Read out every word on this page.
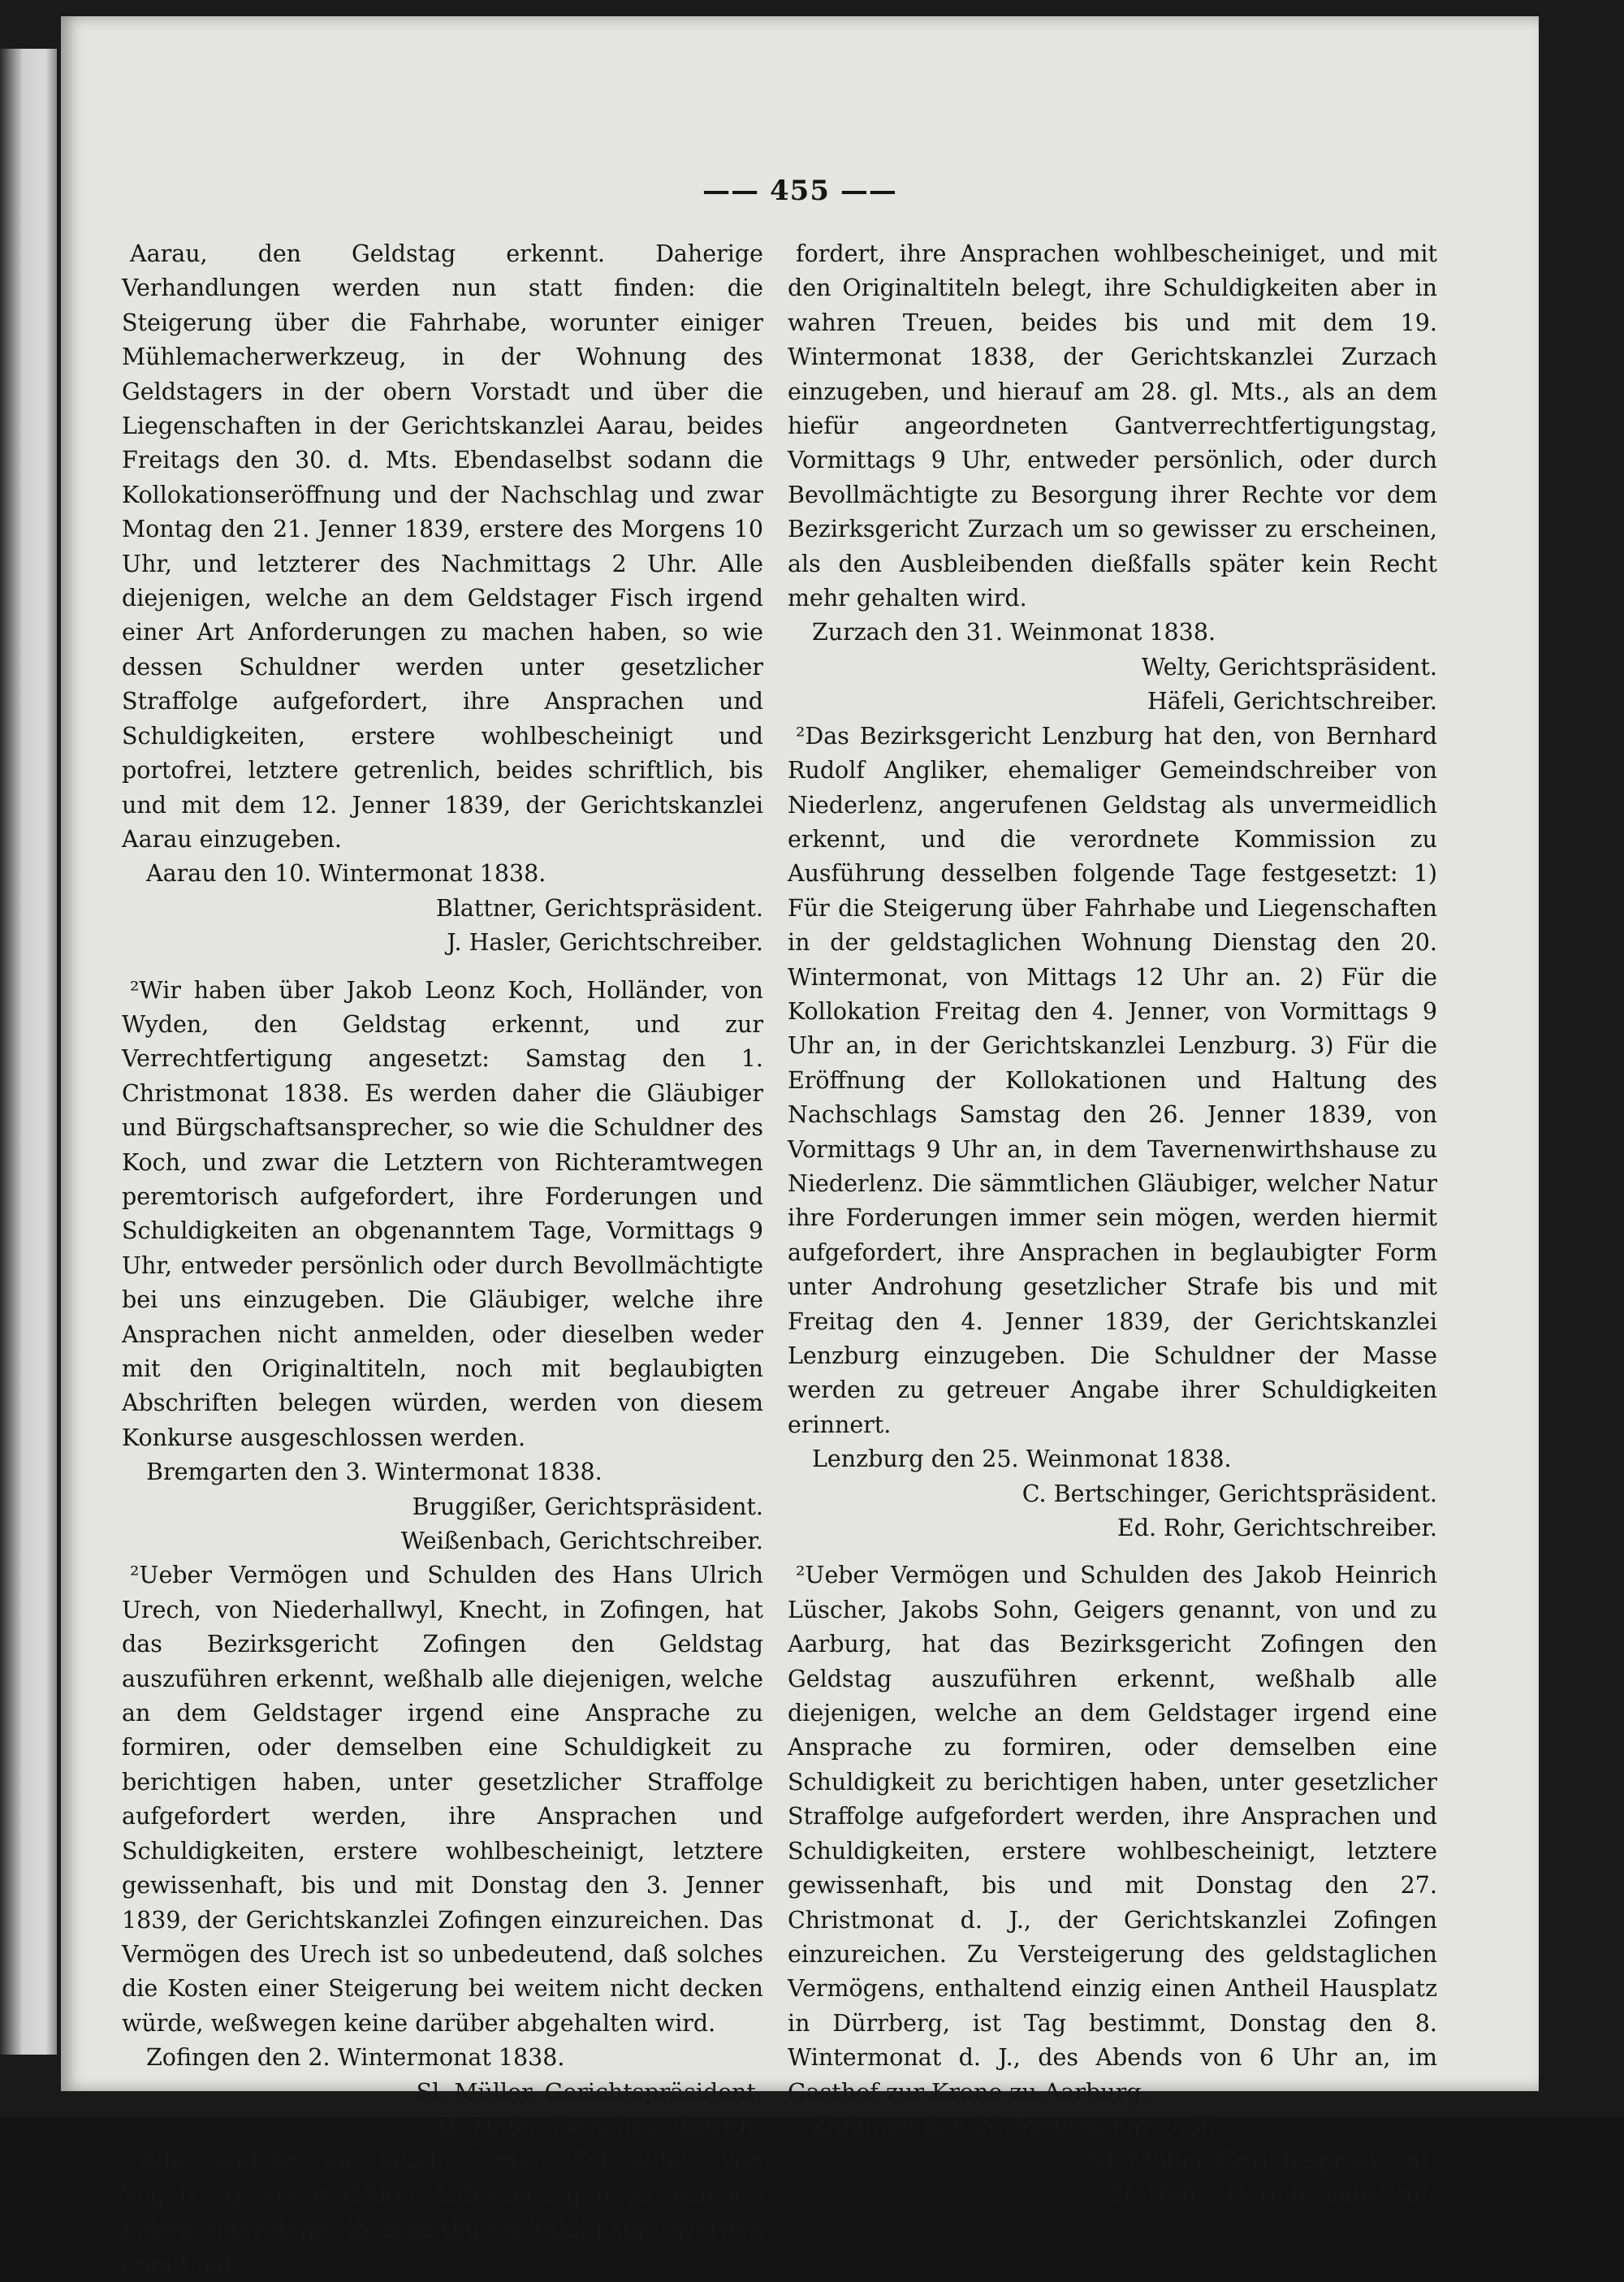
—— 455 ——

Aarau, den Geldstag erkennt. Daherige Verhandlungen werden nun statt finden: die Steigerung über die Fahrhabe, worunter einiger Mühlemacherwerkzeug, in der Wohnung des Geldstagers in der obern Vorstadt und über die Liegenschaften in der Gerichtskanzlei Aarau, beides Freitags den 30. d. Mts. Ebendaselbst sodann die Kollokationseröffnung und der Nachschlag und zwar Montag den 21. Jenner 1839, erstere des Morgens 10 Uhr, und letzterer des Nachmittags 2 Uhr. Alle diejenigen, welche an dem Geldstager Fisch irgend einer Art Anforderungen zu machen haben, so wie dessen Schuldner werden unter gesetzlicher Straffolge aufgefordert, ihre Ansprachen und Schuldigkeiten, erstere wohlbescheinigt und portofrei, letztere getrenlich, beides schriftlich, bis und mit dem 12. Jenner 1839, der Gerichtskanzlei Aarau einzugeben.

Aarau den 10. Wintermonat 1838.

Blattner, Gerichtspräsident.

J. Hasler, Gerichtschreiber.

²Wir haben über Jakob Leonz Koch, Holländer, von Wyden, den Geldstag erkennt, und zur Verrechtfertigung angesetzt: Samstag den 1. Christmonat 1838. Es werden daher die Gläubiger und Bürgschaftsansprecher, so wie die Schuldner des Koch, und zwar die Letztern von Richteramtwegen peremtorisch aufgefordert, ihre Forderungen und Schuldigkeiten an obgenanntem Tage, Vormittags 9 Uhr, entweder persönlich oder durch Bevollmächtigte bei uns einzugeben. Die Gläubiger, welche ihre Ansprachen nicht anmelden, oder dieselben weder mit den Originaltiteln, noch mit beglaubigten Abschriften belegen würden, werden von diesem Konkurse ausgeschlossen werden.

Bremgarten den 3. Wintermonat 1838.

Bruggißer, Gerichtspräsident.

Weißenbach, Gerichtschreiber.

²Ueber Vermögen und Schulden des Hans Ulrich Urech, von Niederhallwyl, Knecht, in Zofingen, hat das Bezirksgericht Zofingen den Geldstag auszuführen erkennt, weßhalb alle diejenigen, welche an dem Geldstager irgend eine Ansprache zu formiren, oder demselben eine Schuldigkeit zu berichtigen haben, unter gesetzlicher Straffolge aufgefordert werden, ihre Ansprachen und Schuldigkeiten, erstere wohlbescheinigt, letztere gewissenhaft, bis und mit Donstag den 3. Jenner 1839, der Gerichtskanzlei Zofingen einzureichen. Das Vermögen des Urech ist so unbedeutend, daß solches die Kosten einer Steigerung bei weitem nicht decken würde, weßwegen keine darüber abgehalten wird.

Zofingen den 2. Wintermonat 1838.

Sl. Müller, Gerichtspräsident.

H. Hofer, Gerichtssubstitut.

²Alle, welche an Jakob Tomer, Schneider, von Vogelsang, rechtmäßige Anforderungen zu machen haben, oder demselben zu thun schuldig sind, werden anmit aufge-

fordert, ihre Ansprachen wohlbescheiniget, und mit den Originaltiteln belegt, ihre Schuldigkeiten aber in wahren Treuen, beides bis und mit dem 19. Wintermonat 1838, der Gerichtskanzlei Zurzach einzugeben, und hierauf am 28. gl. Mts., als an dem hiefür angeordneten Gantverrechtfertigungstag, Vormittags 9 Uhr, entweder persönlich, oder durch Bevollmächtigte zu Besorgung ihrer Rechte vor dem Bezirksgericht Zurzach um so gewisser zu erscheinen, als den Ausbleibenden dießfalls später kein Recht mehr gehalten wird.

Zurzach den 31. Weinmonat 1838.

Welty, Gerichtspräsident.

Häfeli, Gerichtschreiber.

²Das Bezirksgericht Lenzburg hat den, von Bernhard Rudolf Angliker, ehemaliger Gemeindschreiber von Niederlenz, angerufenen Geldstag als unvermeidlich erkennt, und die verordnete Kommission zu Ausführung desselben folgende Tage festgesetzt: 1) Für die Steigerung über Fahrhabe und Liegenschaften in der geldstaglichen Wohnung Dienstag den 20. Wintermonat, von Mittags 12 Uhr an. 2) Für die Kollokation Freitag den 4. Jenner, von Vormittags 9 Uhr an, in der Gerichtskanzlei Lenzburg. 3) Für die Eröffnung der Kollokationen und Haltung des Nachschlags Samstag den 26. Jenner 1839, von Vormittags 9 Uhr an, in dem Tavernenwirthshause zu Niederlenz. Die sämmtlichen Gläubiger, welcher Natur ihre Forderungen immer sein mögen, werden hiermit aufgefordert, ihre Ansprachen in beglaubigter Form unter Androhung gesetzlicher Strafe bis und mit Freitag den 4. Jenner 1839, der Gerichtskanzlei Lenzburg einzugeben. Die Schuldner der Masse werden zu getreuer Angabe ihrer Schuldigkeiten erinnert.

Lenzburg den 25. Weinmonat 1838.

C. Bertschinger, Gerichtspräsident.

Ed. Rohr, Gerichtschreiber.

²Ueber Vermögen und Schulden des Jakob Heinrich Lüscher, Jakobs Sohn, Geigers genannt, von und zu Aarburg, hat das Bezirksgericht Zofingen den Geldstag auszuführen erkennt, weßhalb alle diejenigen, welche an dem Geldstager irgend eine Ansprache zu formiren, oder demselben eine Schuldigkeit zu berichtigen haben, unter gesetzlicher Straffolge aufgefordert werden, ihre Ansprachen und Schuldigkeiten, erstere wohlbescheinigt, letztere gewissenhaft, bis und mit Donstag den 27. Christmonat d. J., der Gerichtskanzlei Zofingen einzureichen. Zu Versteigerung des geldstaglichen Vermögens, enthaltend einzig einen Antheil Hausplatz in Dürrberg, ist Tag bestimmt, Donstag den 8. Wintermonat d. J., des Abends von 6 Uhr an, im Gasthof zur Krone zu Aarburg.

Zofingen den 26. Weinmonat 1838.

Sl. Müller, Gerichtspräsident.

H. Hofer, Gerichtssubstitut.
